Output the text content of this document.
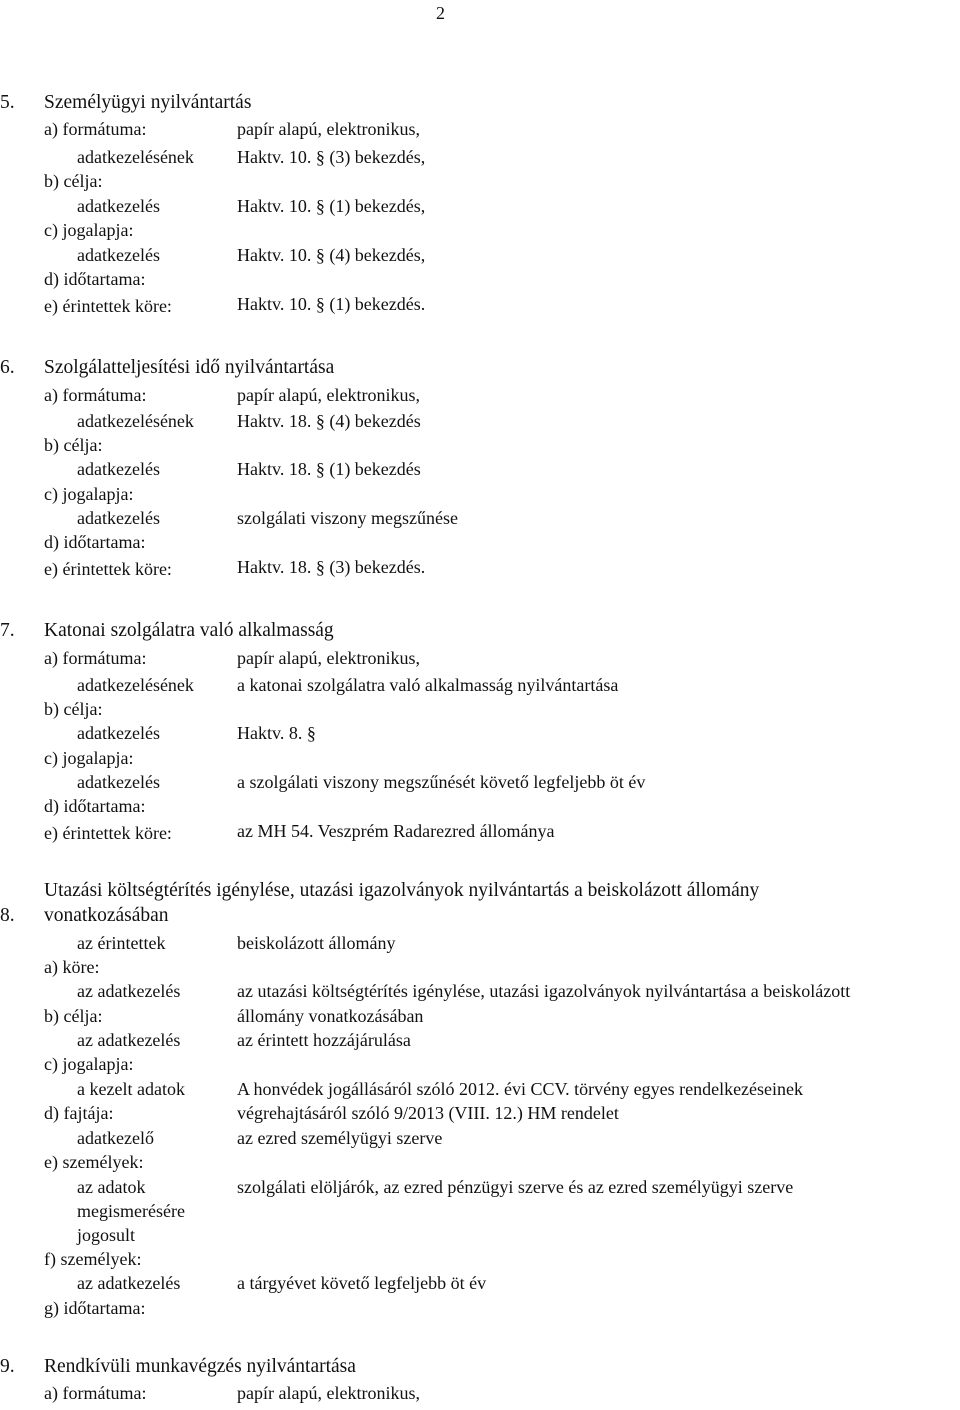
2
5. Személyügyi nyilvántartás
a) formátuma:	papír alapú, elektronikus,
adatkezelésének Haktv. 10. § (3) bekezdés,
b) célja:
adatkezelés	Haktv. 10. § (1) bekezdés,
c) jogalapja:
adatkezelés	Haktv. 10. § (4) bekezdés,
d) időtartama:
e) érintettek köre:	Haktv. 10. § (1) bekezdés.
6. Szolgálatteljesítési idő nyilvántartása
a) formátuma:	papír alapú, elektronikus,
adatkezelésének Haktv. 18. § (4) bekezdés
b) célja:
adatkezelés	Haktv. 18. § (1) bekezdés
c) jogalapja:
adatkezelés	szolgálati viszony megszűnése
d) időtartama:
e) érintettek köre:	Haktv. 18. § (3) bekezdés.
7. Katonai szolgálatra való alkalmasság
a) formátuma:	papír alapú, elektronikus,
adatkezelésének a katonai szolgálatra való alkalmasság nyilvántartása
b) célja:
adatkezelés	Haktv. 8. §
c) jogalapja:
adatkezelés	a szolgálati viszony megszűnését követő legfeljebb öt év
d) időtartama:
e) érintettek köre:	az MH 54. Veszprém Radarezred állománya
Utazási költségtérítés igénylése, utazási igazolványok nyilvántartás a beiskolázott állomány
8. vonatkozásában
az érintettek	beiskolázott állomány
a) köre:
az adatkezelés	az utazási költségtérítés igénylése, utazási igazolványok nyilvántartása a beiskolázott
b) célja:	állomány vonatkozásában
az adatkezelés	az érintett hozzájárulása
c) jogalapja:
a kezelt adatok	A honvédek jogállásáról szóló 2012. évi CCV. törvény egyes rendelkezéseinek
d) fajtája:	végrehajtásáról szóló 9/2013 (VIII. 12.) HM rendelet
adatkezelő	az ezred személyügyi szerve
e) személyek:
az adatok	szolgálati elöljárók, az ezred pénzügyi szerve és az ezred személyügyi szerve
megismerésére
jogosult
f) személyek:
az adatkezelés	a tárgyévet követő legfeljebb öt év
g) időtartama:
9. Rendkívüli munkavégzés nyilvántartása
a) formátuma:	papír alapú, elektronikus,
